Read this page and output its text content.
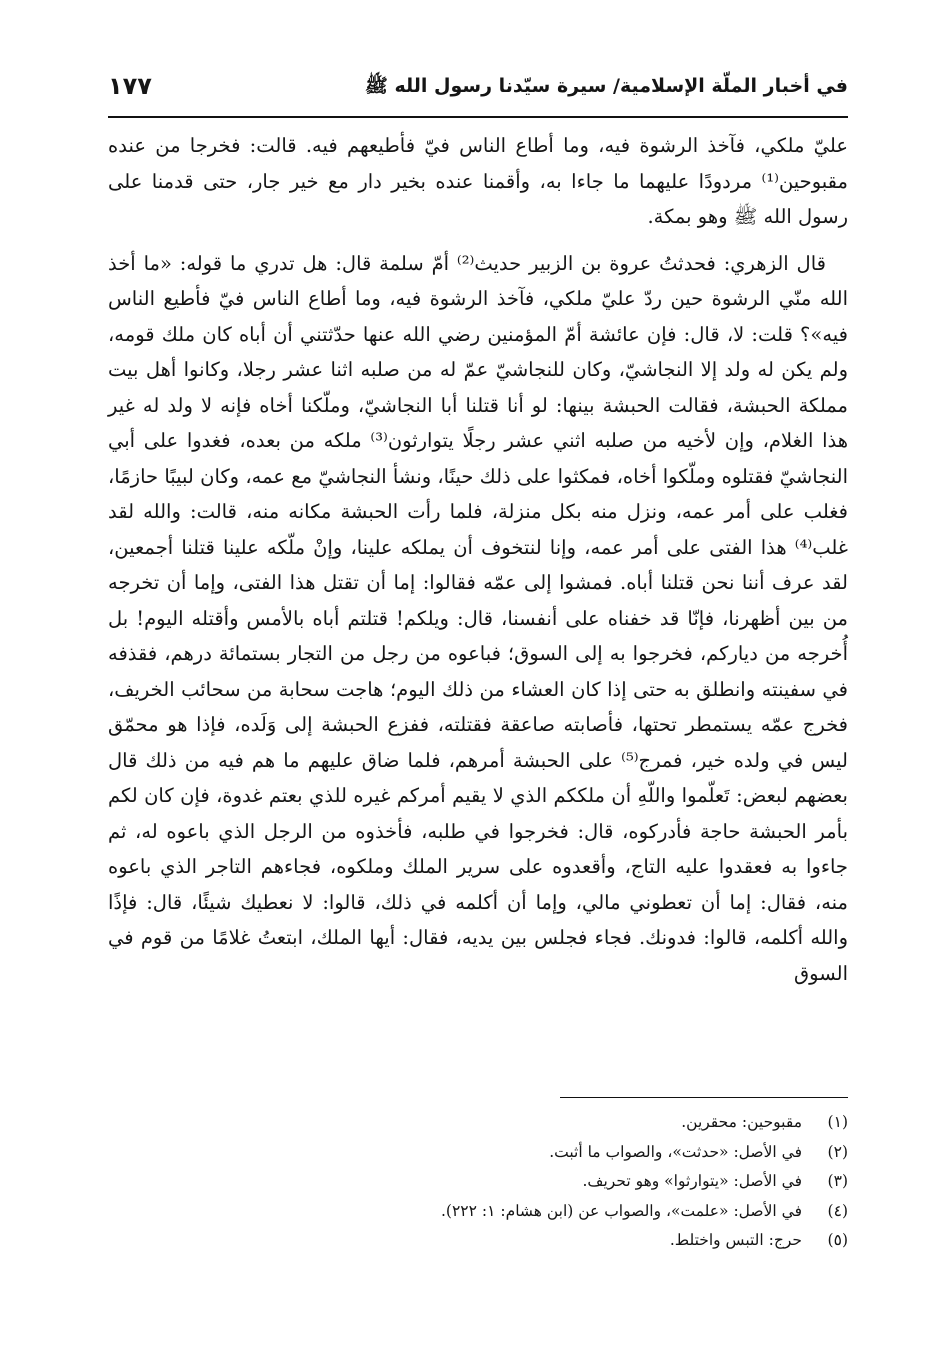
في أخبار الملّة الإسلامية/ سيرة سيّدنا رسول الله ﷺ
١٧٧

عليّ ملكي، فآخذ الرشوة فيه، وما أطاع الناس فيّ فأطيعهم فيه. قالت: فخرجا من عنده مقبوحين⁽¹⁾ مردودًا عليهما ما جاءا به، وأقمنا عنده بخير دار مع خير جار، حتى قدمنا على رسول الله ﷺ وهو بمكة.

قال الزهري: فحدثتُ عروة بن الزبير حديث⁽²⁾ أمّ سلمة قال: هل تدري ما قوله: «ما أخذ الله منّي الرشوة حين ردّ عليّ ملكي، فآخذ الرشوة فيه، وما أطاع الناس فيّ فأطيع الناس فيه»؟ قلت: لا، قال: فإن عائشة أمّ المؤمنين رضي الله عنها حدّثتني أن أباه كان ملك قومه، ولم يكن له ولد إلا النجاشيّ، وكان للنجاشيّ عمّ له من صلبه اثنا عشر رجلا، وكانوا أهل بيت مملكة الحبشة، فقالت الحبشة بينها: لو أنا قتلنا أبا النجاشيّ، وملّكنا أخاه فإنه لا ولد له غير هذا الغلام، وإن لأخيه من صلبه اثني عشر رجلًا يتوارثون⁽³⁾ ملكه من بعده، فغدوا على أبي النجاشيّ فقتلوه وملّكوا أخاه، فمكثوا على ذلك حينًا، ونشأ النجاشيّ مع عمه، وكان لبيبًا حازمًا، فغلب على أمر عمه، ونزل منه بكل منزلة، فلما رأت الحبشة مكانه منه، قالت: والله لقد غلب⁽⁴⁾ هذا الفتى على أمر عمه، وإنا لنتخوف أن يملكه علينا، وإنْ ملّكه علينا قتلنا أجمعين، لقد عرف أننا نحن قتلنا أباه. فمشوا إلى عمّه فقالوا: إما أن تقتل هذا الفتى، وإما أن تخرجه من بين أظهرنا، فإنّا قد خفناه على أنفسنا، قال: ويلكم! قتلتم أباه بالأمس وأقتله اليوم! بل أُخرجه من دياركم، فخرجوا به إلى السوق؛ فباعوه من رجل من التجار بستمائة درهم، فقذفه في سفينته وانطلق به حتى إذا كان العشاء من ذلك اليوم؛ هاجت سحابة من سحائب الخريف، فخرج عمّه يستمطر تحتها، فأصابته صاعقة فقتلته، ففزع الحبشة إلى وَلَده، فإذا هو محمّق ليس في ولده خير، فمرج⁽⁵⁾ على الحبشة أمرهم، فلما ضاق عليهم ما هم فيه من ذلك قال بعضهم لبعض: تَعلّموا واللّهِ أن ملككم الذي لا يقيم أمركم غيره للذي بعتم غدوة، فإن كان لكم بأمر الحبشة حاجة فأدركوه، قال: فخرجوا في طلبه، فأخذوه من الرجل الذي باعوه له، ثم جاءوا به فعقدوا عليه التاج، وأقعدوه على سرير الملك وملكوه، فجاءهم التاجر الذي باعوه منه، فقال: إما أن تعطوني مالي، وإما أن أكلمه في ذلك، قالوا: لا نعطيك شيئًا، قال: فإذًا والله أكلمه، قالوا: فدونك. فجاء فجلس بين يديه، فقال: أيها الملك، ابتعتُ غلامًا من قوم في السوق

(١)
مقبوحين: محقرين.
(٢)
في الأصل: «حدثت»، والصواب ما أثبت.
(٣)
في الأصل: «يتوارثوا» وهو تحريف.
(٤)
في الأصل: «علمت»، والصواب عن (ابن هشام: ١: ٢٢٢).
(٥)
حرج: التبس واختلط.
